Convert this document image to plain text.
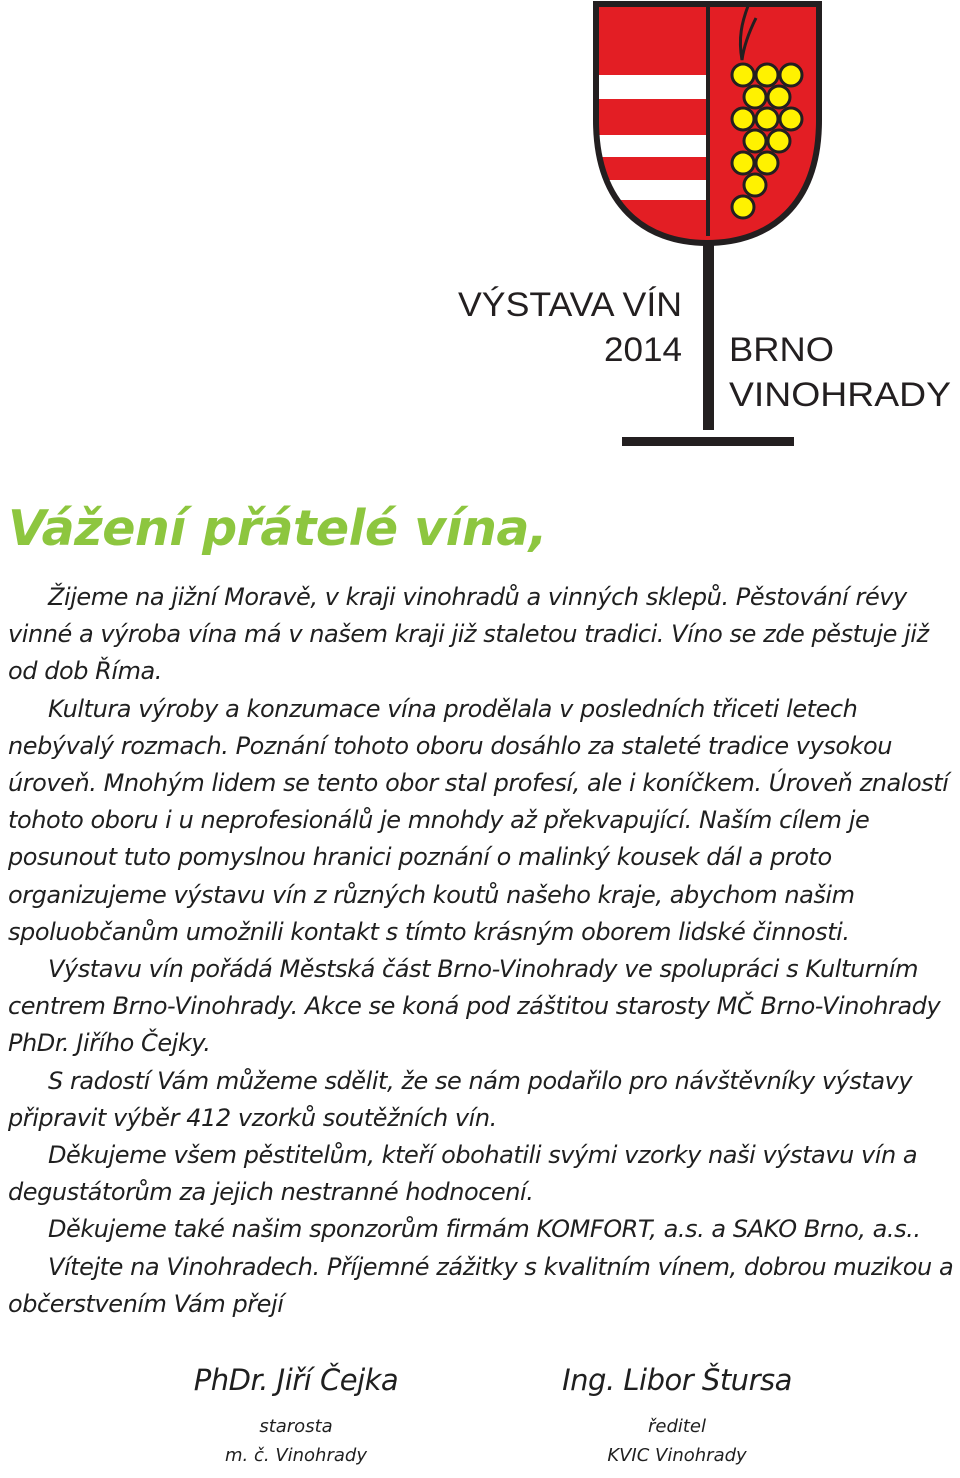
VÝSTAVA VÍN
2014 BRNO
VINOHRADY
Vážení přátelé vína,

Žijeme na jižní Moravě, v kraji vinohradů a vinných sklepů. Pěstování révy vinné a výroba vína má v našem kraji již staletou tradici. Víno se zde pěstuje již od dob Říma.

Kultura výroby a konzumace vína prodělala v posledních třiceti letech nebývalý rozmach. Poznání tohoto oboru dosáhlo za staleté tradice vysokou úroveň. Mnohým lidem se tento obor stal profesí, ale i koníčkem. Úroveň znalostí tohoto oboru i u neprofesionálů je mnohdy až překvapující. Naším cílem je posunout tuto pomyslnou hranici poznání o malinký kousek dál a proto organizujeme výstavu vín z různých koutů našeho kraje, abychom našim spoluobčanům umožnili kontakt s tímto krásným oborem lidské činnosti.

Výstavu vín pořádá Městská část Brno-Vinohrady ve spolupráci s Kulturním centrem Brno-Vinohrady. Akce se koná pod záštitou starosty MČ Brno-Vinohrady PhDr. Jiřího Čejky.

S radostí Vám můžeme sdělit, že se nám podařilo pro návštěvníky výstavy připravit výběr 412 vzorků soutěžních vín.

Děkujeme všem pěstitelům, kteří obohatili svými vzorky naši výstavu vín a degustátorům za jejich nestranné hodnocení.

Děkujeme také našim sponzorům firmám KOMFORT, a.s. a SAKO Brno, a.s..

Vítejte na Vinohradech. Příjemné zážitky s kvalitním vínem, dobrou muzikou a občerstvením Vám přejí

PhDr. Jiří Čejka
starosta
m. č. Vinohrady
Ing. Libor Štursa
ředitel
KVIC Vinohrady
